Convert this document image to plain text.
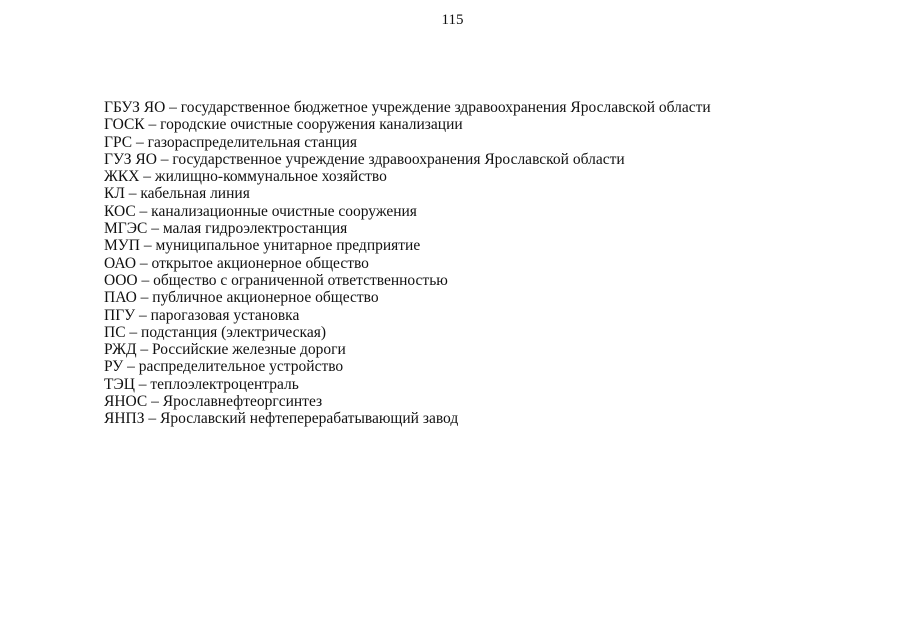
115
ГБУЗ ЯО – государственное бюджетное учреждение здравоохранения Ярославской области
ГОСК – городские очистные сооружения канализации
ГРС – газораспределительная станция
ГУЗ ЯО – государственное учреждение здравоохранения Ярославской области
ЖКХ – жилищно-коммунальное хозяйство
КЛ – кабельная линия
КОС – канализационные очистные сооружения
МГЭС – малая гидроэлектростанция
МУП – муниципальное унитарное предприятие
ОАО – открытое акционерное общество
ООО – общество с ограниченной ответственностью
ПАО – публичное акционерное общество
ПГУ – парогазовая установка
ПС – подстанция (электрическая)
РЖД – Российские железные дороги
РУ – распределительное устройство
ТЭЦ – теплоэлектроцентраль
ЯНОС – Ярославнефтеоргсинтез
ЯНПЗ – Ярославский нефтеперерабатывающий завод
